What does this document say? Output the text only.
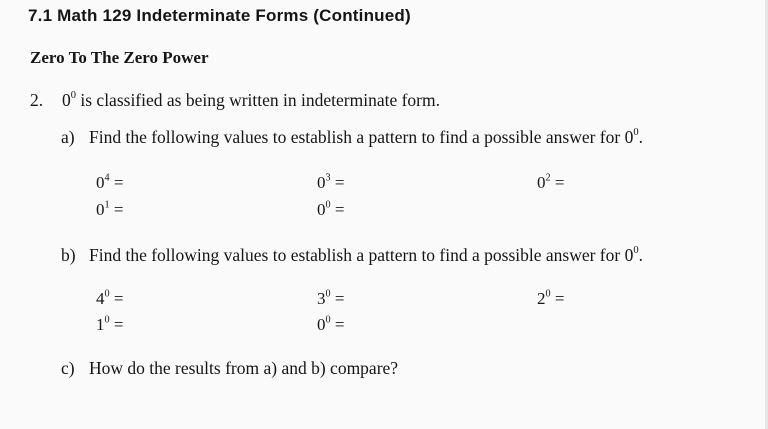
7.1 Math 129 Indeterminate Forms (Continued)
Zero To The Zero Power
2. $0^0$ is classified as being written in indeterminate form.
a) Find the following values to establish a pattern to find a possible answer for $0^0$.
$0^4$ =	$0^3$ =	$0^2$ =
$0^1$ =	$0^0$ =
b) Find the following values to establish a pattern to find a possible answer for $0^0$.
$4^0$ =	$3^0$ =	$2^0$ =
$1^0$ =	$0^0$ =
c) How do the results from a) and b) compare?
